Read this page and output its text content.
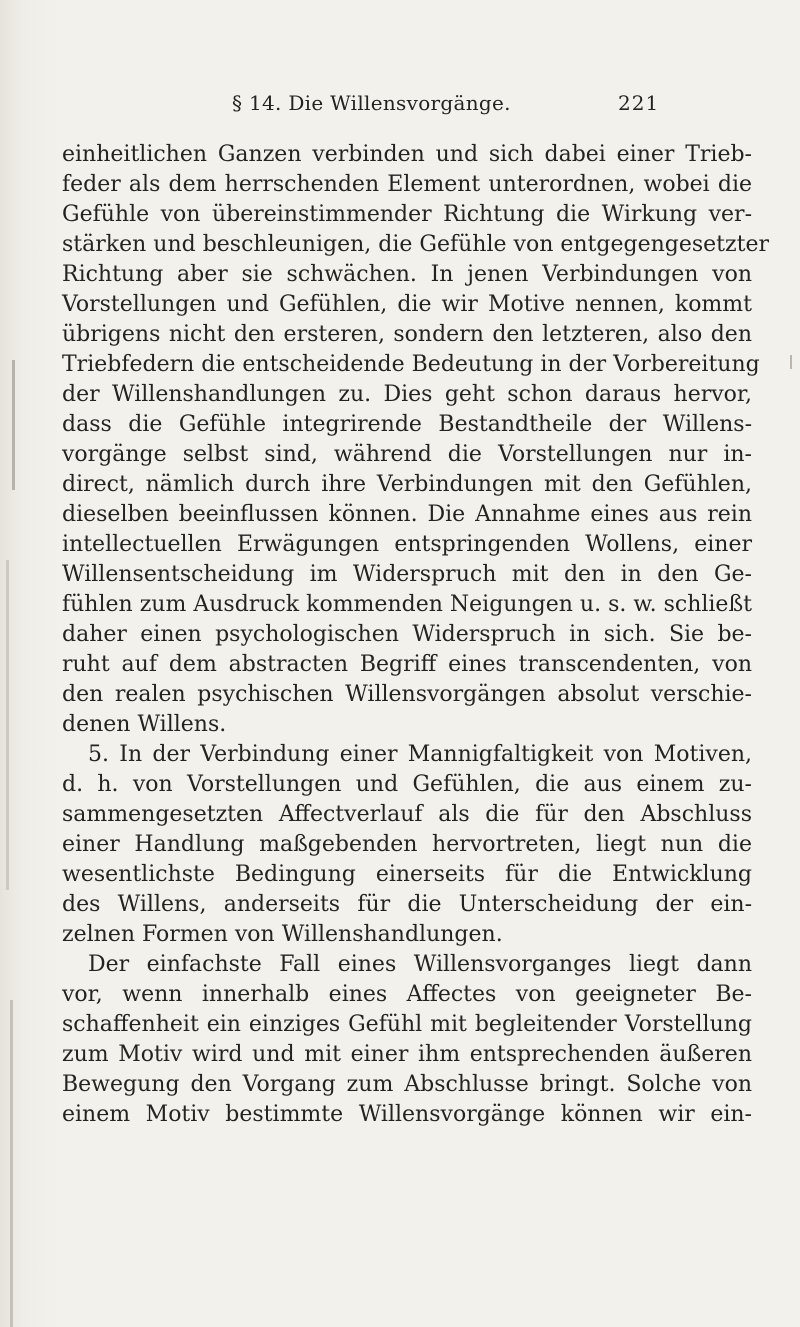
§ 14. Die Willensvorgänge.	221
einheitlichen Ganzen verbinden und sich dabei einer Trieb-
feder als dem herrschenden Element unterordnen, wobei die
Gefühle von übereinstimmender Richtung die Wirkung ver-
stärken und beschleunigen, die Gefühle von entgegengesetzter
Richtung aber sie schwächen. In jenen Verbindungen von
Vorstellungen und Gefühlen, die wir Motive nennen, kommt
übrigens nicht den ersteren, sondern den letzteren, also den
Triebfedern die entscheidende Bedeutung in der Vorbereitung
der Willenshandlungen zu. Dies geht schon daraus hervor,
dass die Gefühle integrirende Bestandtheile der Willens-
vorgänge selbst sind, während die Vorstellungen nur in-
direct, nämlich durch ihre Verbindungen mit den Gefühlen,
dieselben beeinflussen können. Die Annahme eines aus rein
intellectuellen Erwägungen entspringenden Wollens, einer
Willensentscheidung im Widerspruch mit den in den Ge-
fühlen zum Ausdruck kommenden Neigungen u. s. w. schließt
daher einen psychologischen Widerspruch in sich. Sie be-
ruht auf dem abstracten Begriff eines transcendenten, von
den realen psychischen Willensvorgängen absolut verschie-
denen Willens.
5. In der Verbindung einer Mannigfaltigkeit von Motiven,
d. h. von Vorstellungen und Gefühlen, die aus einem zu-
sammengesetzten Affectverlauf als die für den Abschluss
einer Handlung maßgebenden hervortreten, liegt nun die
wesentlichste Bedingung einerseits für die Entwicklung
des Willens, anderseits für die Unterscheidung der ein-
zelnen Formen von Willenshandlungen.
Der einfachste Fall eines Willensvorganges liegt dann
vor, wenn innerhalb eines Affectes von geeigneter Be-
schaffenheit ein einziges Gefühl mit begleitender Vorstellung
zum Motiv wird und mit einer ihm entsprechenden äußeren
Bewegung den Vorgang zum Abschlusse bringt. Solche von
einem Motiv bestimmte Willensvorgänge können wir ein-
